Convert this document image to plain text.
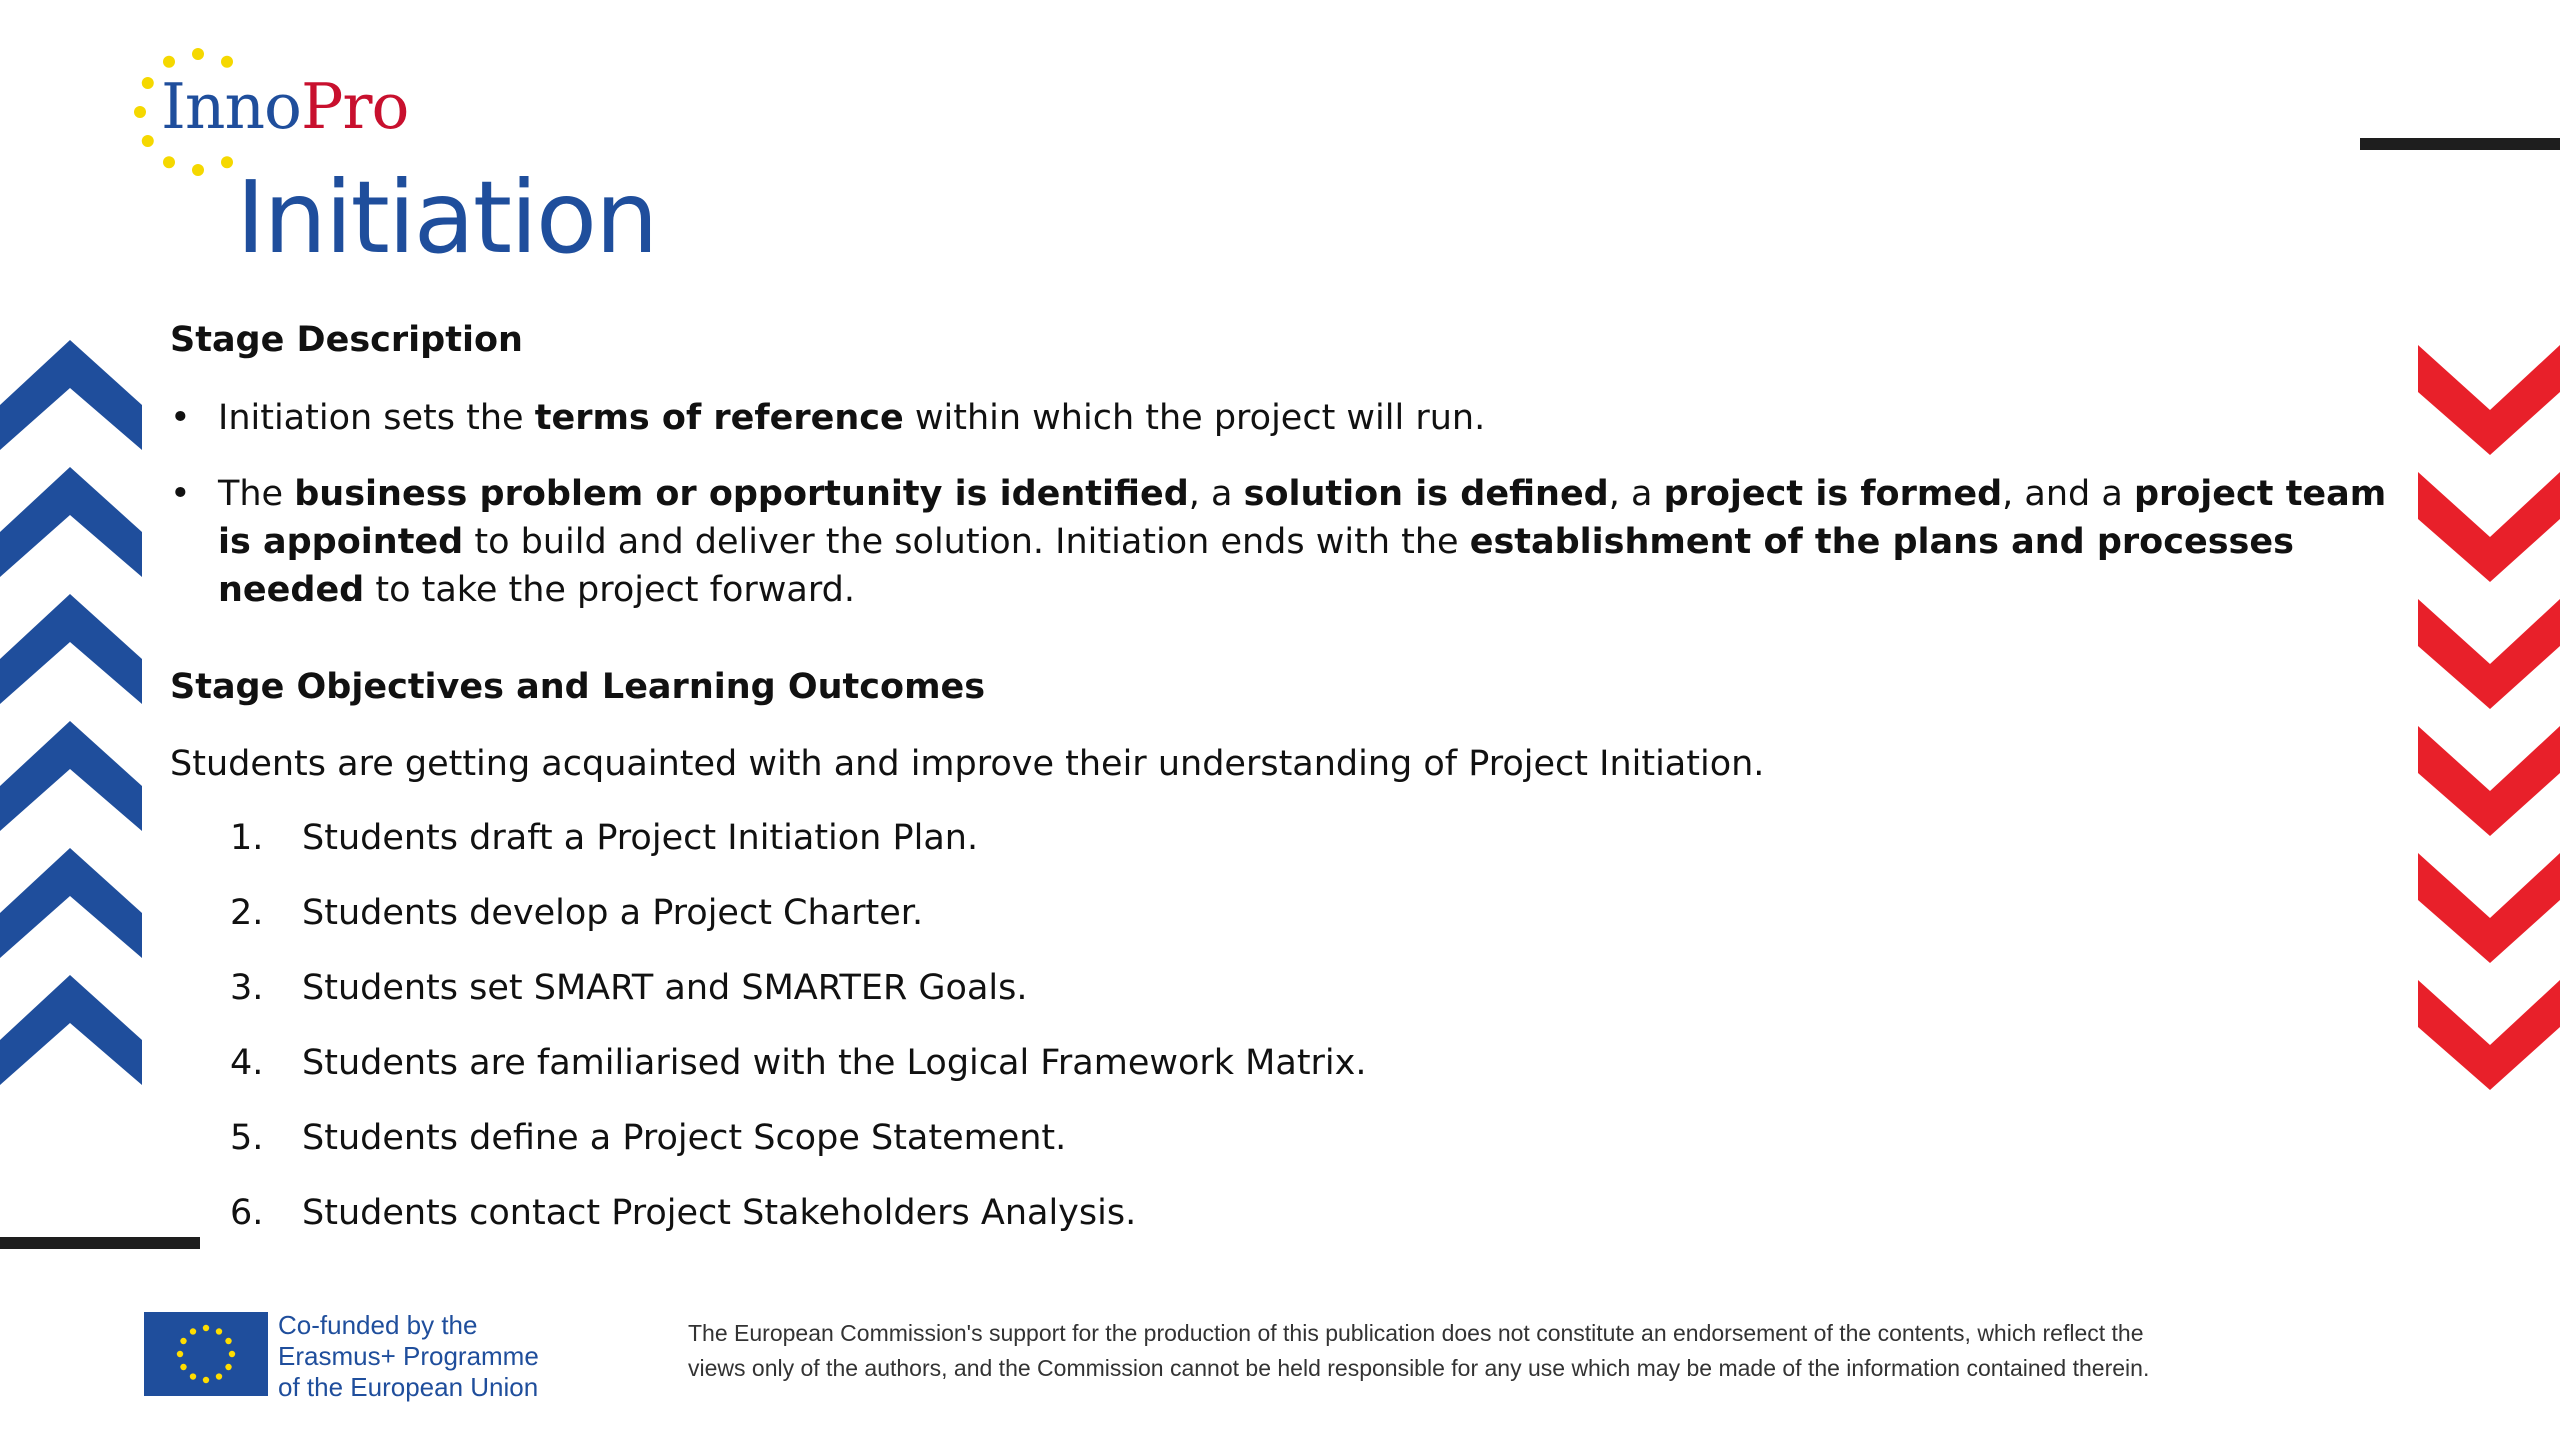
InnoPro
Initiation
Stage Description
• Initiation sets the terms of reference within which the project will run.
• The business problem or opportunity is identified, a solution is defined, a project is formed, and a project team is appointed to build and deliver the solution. Initiation ends with the establishment of the plans and processes needed to take the project forward.
Stage Objectives and Learning Outcomes
Students are getting acquainted with and improve their understanding of Project Initiation.
1. Students draft a Project Initiation Plan.
2. Students develop a Project Charter.
3. Students set SMART and SMARTER Goals.
4. Students are familiarised with the Logical Framework Matrix.
5. Students define a Project Scope Statement.
6. Students contact Project Stakeholders Analysis.
Co-funded by the
Erasmus+ Programme
of the European Union
The European Commission's support for the production of this publication does not constitute an endorsement of the contents, which reflect the
views only of the authors, and the Commission cannot be held responsible for any use which may be made of the information contained therein.
